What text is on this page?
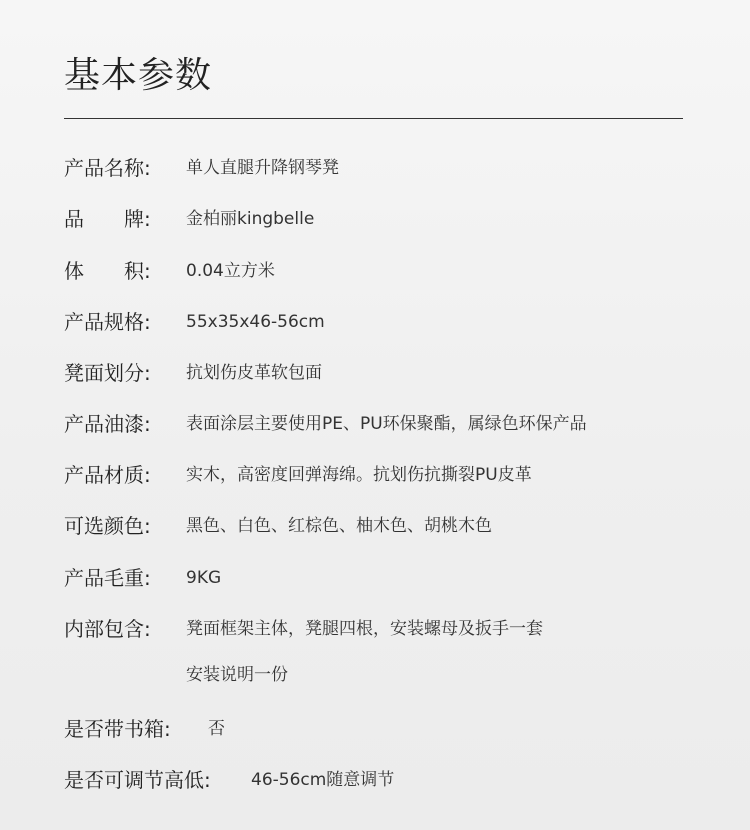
基本参数
产品名称:	单人直腿升降钢琴凳
品　　牌:	金柏丽kingbelle
体　　积:	0.04立方米
产品规格:	55x35x46-56cm
凳面划分:	抗划伤皮革软包面
产品油漆:	表面涂层主要使用PE、PU环保聚酯，属绿色环保产品
产品材质:	实木，高密度回弹海绵。抗划伤抗撕裂PU皮革
可选颜色:	黑色、白色、红棕色、柚木色、胡桃木色
产品毛重:	9KG
内部包含:	凳面框架主体，凳腿四根，安装螺母及扳手一套
安装说明一份
是否带书箱:	否
是否可调节高低:	46-56cm随意调节
